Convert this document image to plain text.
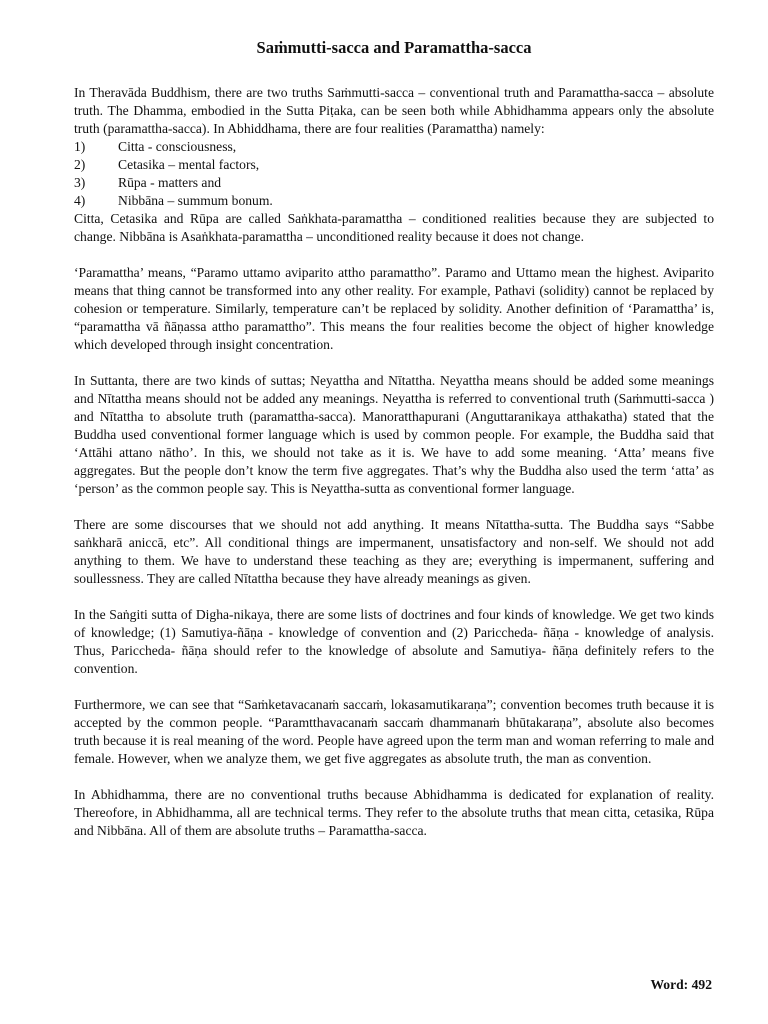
Saṁmutti-sacca and Paramattha-sacca

In Theravāda Buddhism, there are two truths Saṁmutti-sacca – conventional truth and Paramattha-sacca – absolute truth. The Dhamma, embodied in the Sutta Piṭaka, can be seen both while Abhidhamma appears only the absolute truth (paramattha-sacca). In Abhiddhama, there are four realities (Paramattha) namely:

1)	Citta - consciousness,
2)	Cetasika – mental factors,
3)	Rūpa - matters and
4)	Nibbāna – summum bonum.

Citta, Cetasika and Rūpa are called Saṅkhata-paramattha – conditioned realities because they are subjected to change. Nibbāna is Asaṅkhata-paramattha – unconditioned reality because it does not change.

‘Paramattha’ means, “Paramo uttamo aviparito attho paramattho”. Paramo and Uttamo mean the highest. Aviparito means that thing cannot be transformed into any other reality. For example, Pathavi (solidity) cannot be replaced by cohesion or temperature. Similarly, temperature can’t be replaced by solidity. Another definition of ‘Paramattha’ is, “paramattha vā ñāṇassa attho paramattho”. This means the four realities become the object of higher knowledge which developed through insight concentration.

In Suttanta, there are two kinds of suttas; Neyattha and Nītattha. Neyattha means should be added some meanings and Nītattha means should not be added any meanings. Neyattha is referred to conventional truth (Saṁmutti-sacca ) and Nītattha to absolute truth (paramattha-sacca). Manoratthapurani (Anguttaranikaya atthakatha) stated that the Buddha used conventional former language which is used by common people. For example, the Buddha said that ‘Attāhi attano nātho’. In this, we should not take as it is. We have to add some meaning. ‘Atta’ means five aggregates. But the people don’t know the term five aggregates. That’s why the Buddha also used the term ‘atta’ as ‘person’ as the common people say. This is Neyattha-sutta as conventional former language.

There are some discourses that we should not add anything. It means Nītattha-sutta. The Buddha says “Sabbe saṅkharā aniccā, etc”. All conditional things are impermanent, unsatisfactory and non-self. We should not add anything to them. We have to understand these teaching as they are; everything is impermanent, suffering and soullessness. They are called Nītattha because they have already meanings as given.

In the Saṅgiti sutta of Digha-nikaya, there are some lists of doctrines and four kinds of knowledge. We get two kinds of knowledge; (1) Samutiya-ñāṇa - knowledge of convention and (2) Paricchеda- ñāṇa - knowledge of analysis. Thus, Pariccheda- ñāṇa should refer to the knowledge of absolute and Samutiya- ñāṇa definitely refers to the convention.

Furthermore, we can see that “Saṁketavacanaṁ saccaṁ, lokasamutikaraṇa”; convention becomes truth because it is accepted by the common people. “Paramtthavacanaṁ saccaṁ dhammanaṁ bhūtakaraṇa”, absolute also becomes truth because it is real meaning of the word. People have agreed upon the term man and woman referring to male and female. However, when we analyze them, we get five aggregates as absolute truth, the man as convention.

In Abhidhamma, there are no conventional truths because Abhidhamma is dedicated for explanation of reality. Thereofore, in Abhidhamma, all are technical terms. They refer to the absolute truths that mean citta, cetasika, Rūpa and Nibbāna. All of them are absolute truths – Paramattha-sacca.

Word: 492
